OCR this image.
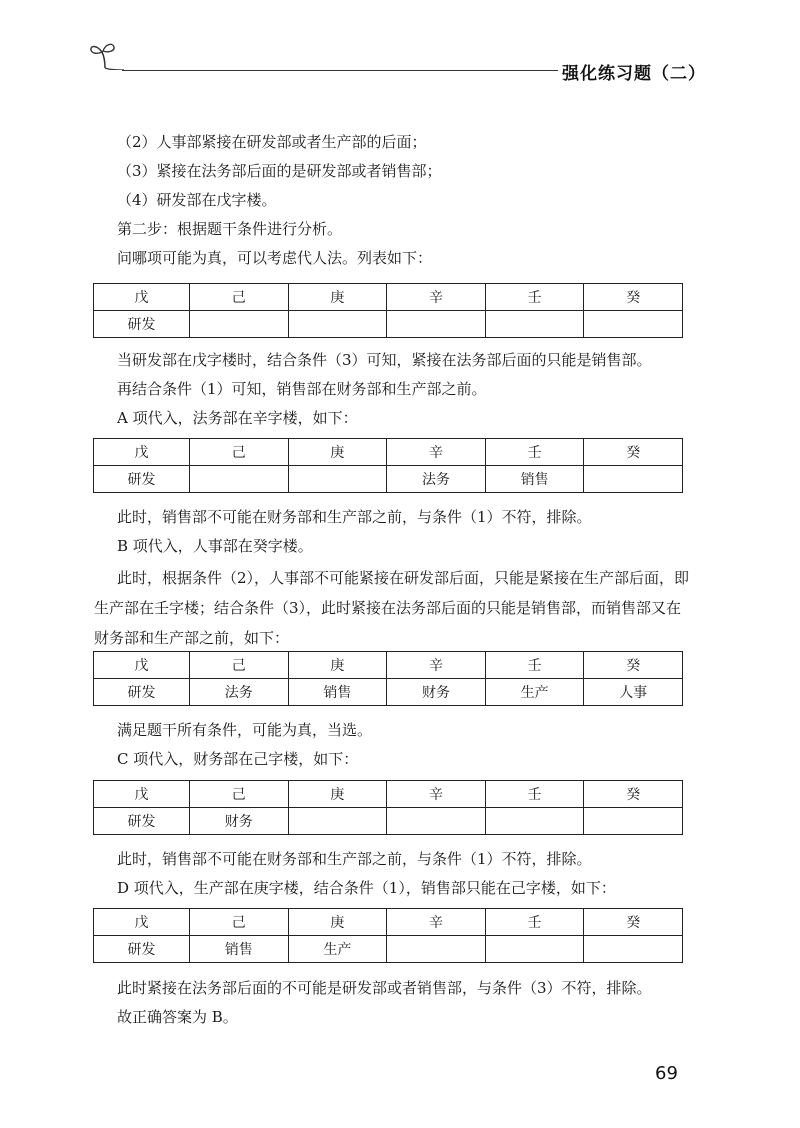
强化练习题（二）
（2）人事部紧接在研发部或者生产部的后面；
（3）紧接在法务部后面的是研发部或者销售部；
（4）研发部在戊字楼。
第二步：根据题干条件进行分析。
问哪项可能为真，可以考虑代人法。列表如下：
戊	己	庚	辛	壬	癸
研发					
当研发部在戊字楼时，结合条件（3）可知，紧接在法务部后面的只能是销售部。
再结合条件（1）可知，销售部在财务部和生产部之前。
A 项代入，法务部在辛字楼，如下：
戊	己	庚	辛	壬	癸
研发			法务	销售	
此时，销售部不可能在财务部和生产部之前，与条件（1）不符，排除。
B 项代入，人事部在癸字楼。
此时，根据条件（2），人事部不可能紧接在研发部后面，只能是紧接在生产部后面，即生产部在壬字楼；结合条件（3），此时紧接在法务部后面的只能是销售部，而销售部又在财务部和生产部之前，如下：
戊	己	庚	辛	壬	癸
研发	法务	销售	财务	生产	人事
满足题干所有条件，可能为真，当选。
C 项代入，财务部在己字楼，如下：
戊	己	庚	辛	壬	癸
研发	财务				
此时，销售部不可能在财务部和生产部之前，与条件（1）不符，排除。
D 项代入，生产部在庚字楼，结合条件（1），销售部只能在己字楼，如下：
戊	己	庚	辛	壬	癸
研发	销售	生产			
此时紧接在法务部后面的不可能是研发部或者销售部，与条件（3）不符，排除。
故正确答案为 B。
69
